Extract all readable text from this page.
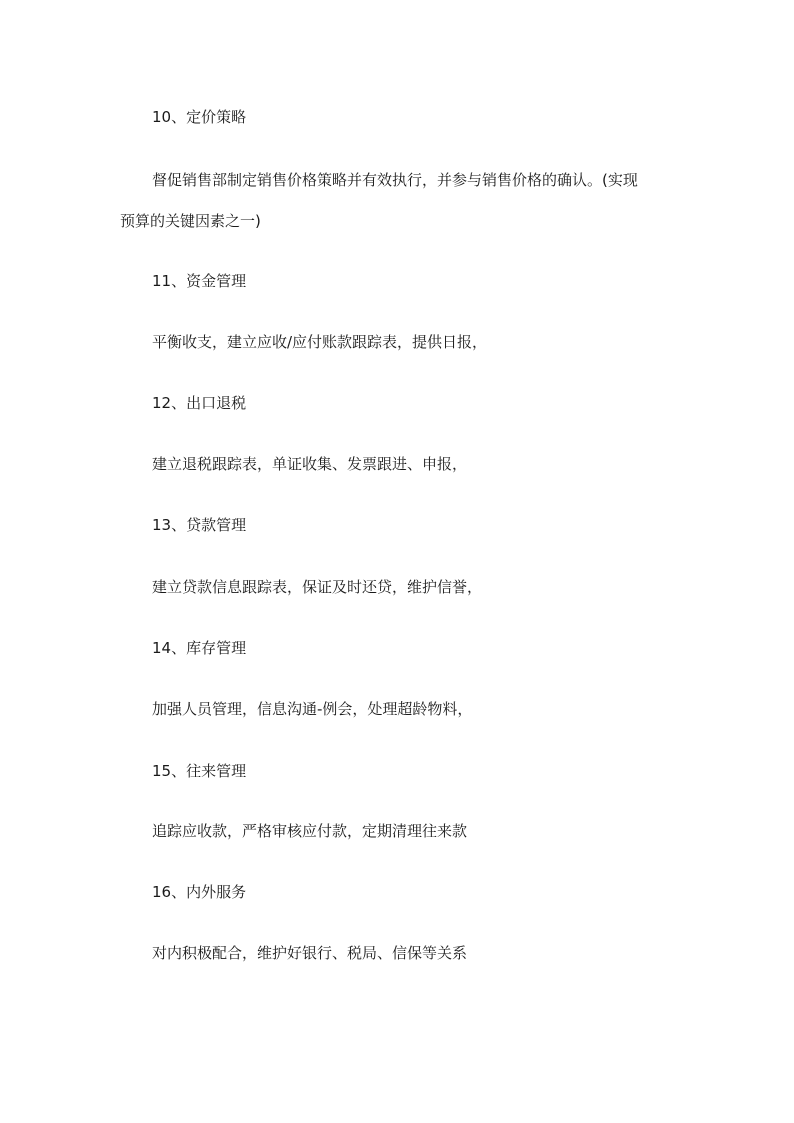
10、定价策略
督促销售部制定销售价格策略并有效执行，并参与销售价格的确认。(实现
预算的关键因素之一)
11、资金管理
平衡收支，建立应收/应付账款跟踪表，提供日报，
12、出口退税
建立退税跟踪表，单证收集、发票跟进、申报，
13、贷款管理
建立贷款信息跟踪表，保证及时还贷，维护信誉，
14、库存管理
加强人员管理，信息沟通-例会，处理超龄物料，
15、往来管理
追踪应收款，严格审核应付款，定期清理往来款
16、内外服务
对内积极配合，维护好银行、税局、信保等关系
